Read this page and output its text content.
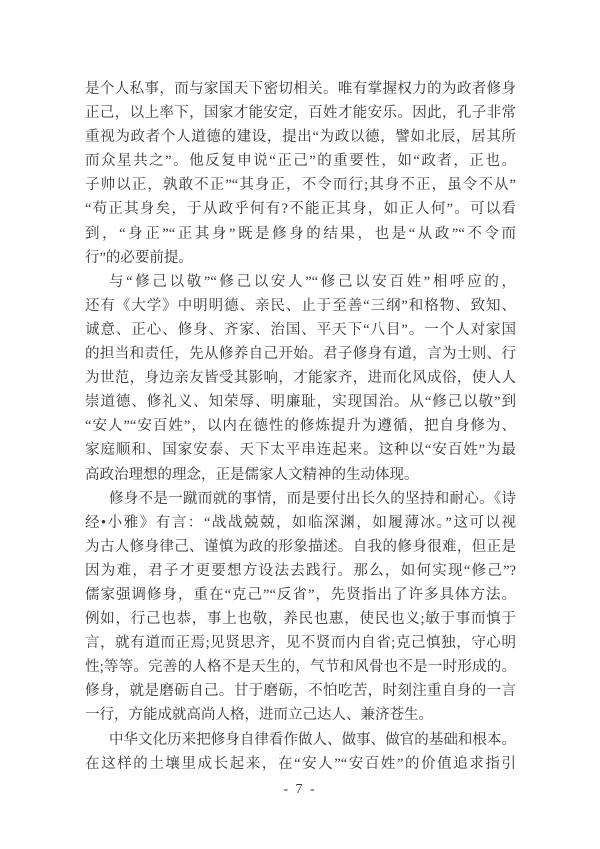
是个人私事，而与家国天下密切相关。唯有掌握权力的为政者修身
正己，以上率下，国家才能安定，百姓才能安乐。因此，孔子非常
重视为政者个人道德的建设，提出“为政以德，譬如北辰，居其所
而众星共之”。他反复申说“正己”的重要性，如“政者，正也。
子帅以正，孰敢不正”“其身正，不令而行;其身不正，虽令不从”
“苟正其身矣，于从政乎何有?不能正其身，如正人何”。可以看
到，“身正”“正其身”既是修身的结果，也是“从政”“不令而
行”的必要前提。
与“修己以敬”“修己以安人”“修己以安百姓”相呼应的，
还有《大学》中明明德、亲民、止于至善“三纲”和格物、致知、
诚意、正心、修身、齐家、治国、平天下“八目”。一个人对家国
的担当和责任，先从修养自己开始。君子修身有道，言为士则、行
为世范，身边亲友皆受其影响，才能家齐，进而化风成俗，使人人
崇道德、修礼义、知荣辱、明廉耻，实现国治。从“修己以敬”到
“安人”“安百姓”，以内在德性的修炼提升为遵循，把自身修为、
家庭顺和、国家安泰、天下太平串连起来。这种以“安百姓”为最
高政治理想的理念，正是儒家人文精神的生动体现。
修身不是一蹴而就的事情，而是要付出长久的坚持和耐心。《诗
经•小雅》有言：“战战兢兢，如临深渊，如履薄冰。”这可以视
为古人修身律己、谨慎为政的形象描述。自我的修身很难，但正是
因为难，君子才更要想方设法去践行。那么，如何实现“修己”?
儒家强调修身，重在“克己”“反省”，先贤指出了许多具体方法。
例如，行己也恭，事上也敬，养民也惠，使民也义;敏于事而慎于
言，就有道而正焉;见贤思齐，见不贤而内自省;克己慎独，守心明
性;等等。完善的人格不是天生的，气节和风骨也不是一时形成的。
修身，就是磨砺自己。甘于磨砺，不怕吃苦，时刻注重自身的一言
一行，方能成就高尚人格，进而立己达人、兼济苍生。
中华文化历来把修身自律看作做人、做事、做官的基础和根本。
在这样的土壤里成长起来，在“安人”“安百姓”的价值追求指引
- 7 -
